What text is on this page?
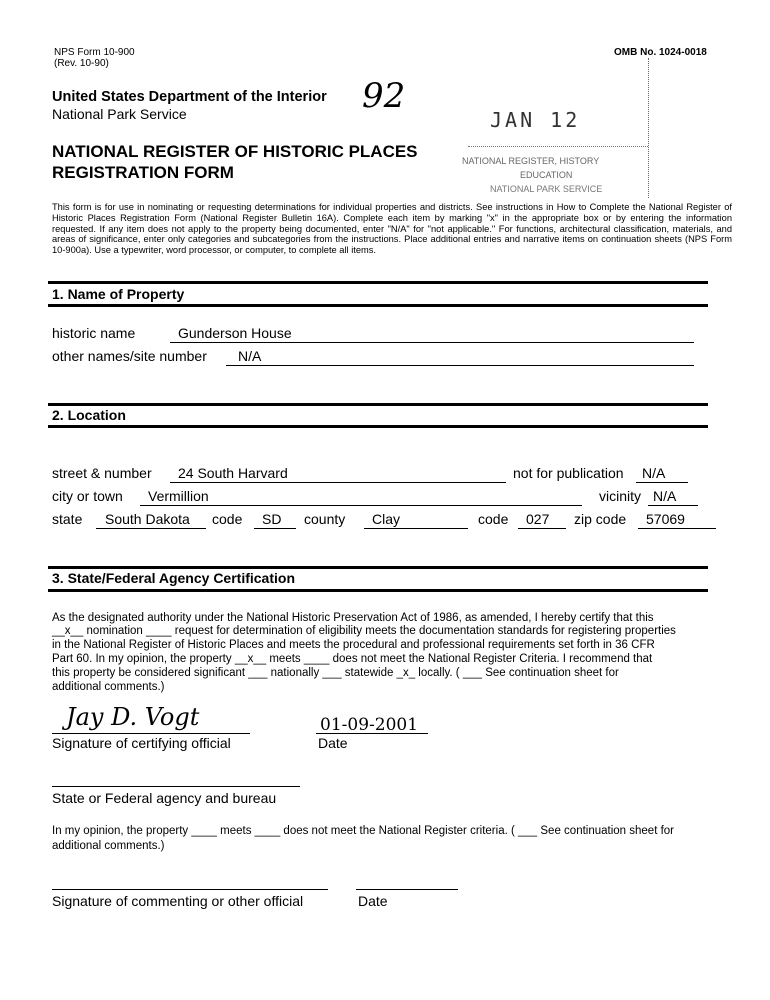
NPS Form 10-900
(Rev. 10-90)
OMB No. 1024-0018
United States Department of the Interior
National Park Service	92
NATIONAL REGISTER OF HISTORIC PLACES
REGISTRATION FORM
JAN 12
NATIONAL REGISTER, HISTORY
EDUCATION
NATIONAL PARK SERVICE
This form is for use in nominating or requesting determinations for individual properties and districts. See instructions in How to Complete the National Register of Historic Places Registration Form (National Register Bulletin 16A). Complete each item by marking "x" in the appropriate box or by entering the information requested. If any item does not apply to the property being documented, enter "N/A" for "not applicable." For functions, architectural classification, materials, and areas of significance, enter only categories and subcategories from the instructions. Place additional entries and narrative items on continuation sheets (NPS Form 10-900a). Use a typewriter, word processor, or computer, to complete all items.
1. Name of Property
historic name	Gunderson House
other names/site number N/A
2. Location
street & number 24 South Harvard	not for publication N/A
city or town Vermillion	vicinity N/A
state South Dakota code SD county Clay	code 027 zip code 57069
3. State/Federal Agency Certification
As the designated authority under the National Historic Preservation Act of 1986, as amended, I hereby certify that this
__x__ nomination ____ request for determination of eligibility meets the documentation standards for registering properties
in the National Register of Historic Places and meets the procedural and professional requirements set forth in 36 CFR
Part 60. In my opinion, the property __x__ meets ____ does not meet the National Register Criteria. I recommend that
this property be considered significant ___ nationally ___ statewide _x_ locally. ( ___ See continuation sheet for
additional comments.)
Jay D. Vogt
Signature of certifying official
01-09-2001
Date
State or Federal agency and bureau
In my opinion, the property ____ meets ____ does not meet the National Register criteria. ( ___ See continuation sheet for
additional comments.)
Signature of commenting or other official	Date
